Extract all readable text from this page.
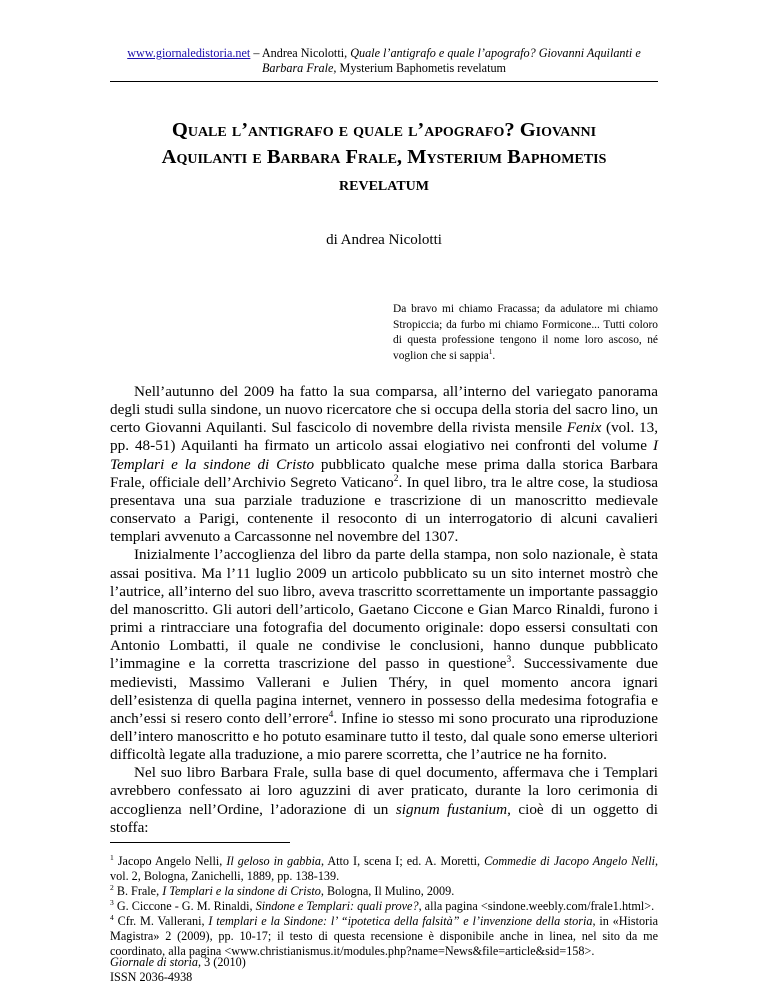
www.giornaledistoria.net – Andrea Nicolotti, Quale l’antigrafo e quale l’apografo? Giovanni Aquilanti e Barbara Frale, Mysterium Baphometis revelatum
Quale l’antigrafo e quale l’apografo? Giovanni
Aquilanti e Barbara Frale, Mysterium Baphometis
revelatum
di Andrea Nicolotti
Da bravo mi chiamo Fracassa; da adulatore mi chiamo Stropiccia; da furbo mi chiamo Formicone... Tutti coloro di questa professione tengono il nome loro ascoso, né voglion che si sappia$^1$.

Nell’autunno del 2009 ha fatto la sua comparsa, all’interno del variegato panorama degli studi sulla sindone, un nuovo ricercatore che si occupa della storia del sacro lino, un certo Giovanni Aquilanti. Sul fascicolo di novembre della rivista mensile Fenix (vol. 13, pp. 48-51) Aquilanti ha firmato un articolo assai elogiativo nei confronti del volume I Templari e la sindone di Cristo pubblicato qualche mese prima dalla storica Barbara Frale, officiale dell’Archivio Segreto Vaticano$^2$. In quel libro, tra le altre cose, la studiosa presentava una sua parziale traduzione e trascrizione di un manoscritto medievale conservato a Parigi, contenente il resoconto di un interrogatorio di alcuni cavalieri templari avvenuto a Carcassonne nel novembre del 1307.

Inizialmente l’accoglienza del libro da parte della stampa, non solo nazionale, è stata assai positiva. Ma l’11 luglio 2009 un articolo pubblicato su un sito internet mostrò che l’autrice, all’interno del suo libro, aveva trascritto scorrettamente un importante passaggio del manoscritto. Gli autori dell’articolo, Gaetano Ciccone e Gian Marco Rinaldi, furono i primi a rintracciare una fotografia del documento originale: dopo essersi consultati con Antonio Lombatti, il quale ne condivise le conclusioni, hanno dunque pubblicato l’immagine e la corretta trascrizione del passo in questione$^3$. Successivamente due medievisti, Massimo Vallerani e Julien Théry, in quel momento ancora ignari dell’esistenza di quella pagina internet, vennero in possesso della medesima fotografia e anch’essi si resero conto dell’errore$^4$. Infine io stesso mi sono procurato una riproduzione dell’intero manoscritto e ho potuto esaminare tutto il testo, dal quale sono emerse ulteriori difficoltà legate alla traduzione, a mio parere scorretta, che l’autrice ne ha fornito.

Nel suo libro Barbara Frale, sulla base di quel documento, affermava che i Templari avrebbero confessato ai loro aguzzini di aver praticato, durante la loro cerimonia di accoglienza nell’Ordine, l’adorazione di un signum fustanium, cioè di un oggetto di stoffa:

$^1$ Jacopo Angelo Nelli, Il geloso in gabbia, Atto I, scena I; ed. A. Moretti, Commedie di Jacopo Angelo Nelli, vol. 2, Bologna, Zanichelli, 1889, pp. 138-139.

$^2$ B. Frale, I Templari e la sindone di Cristo, Bologna, Il Mulino, 2009.

$^3$ G. Ciccone - G. M. Rinaldi, Sindone e Templari: quali prove?, alla pagina <sindone.weebly.com/frale1.html>.

$^4$ Cfr. M. Vallerani, I templari e la Sindone: l’ “ipotetica della falsità” e l’invenzione della storia, in «Historia Magistra» 2 (2009), pp. 10-17; il testo di questa recensione è disponibile anche in linea, nel sito da me coordinato, alla pagina <www.christianismus.it/modules.php?name=News&file=article&sid=158>.

Giornale di storia, 3 (2010)
ISSN 2036-4938
